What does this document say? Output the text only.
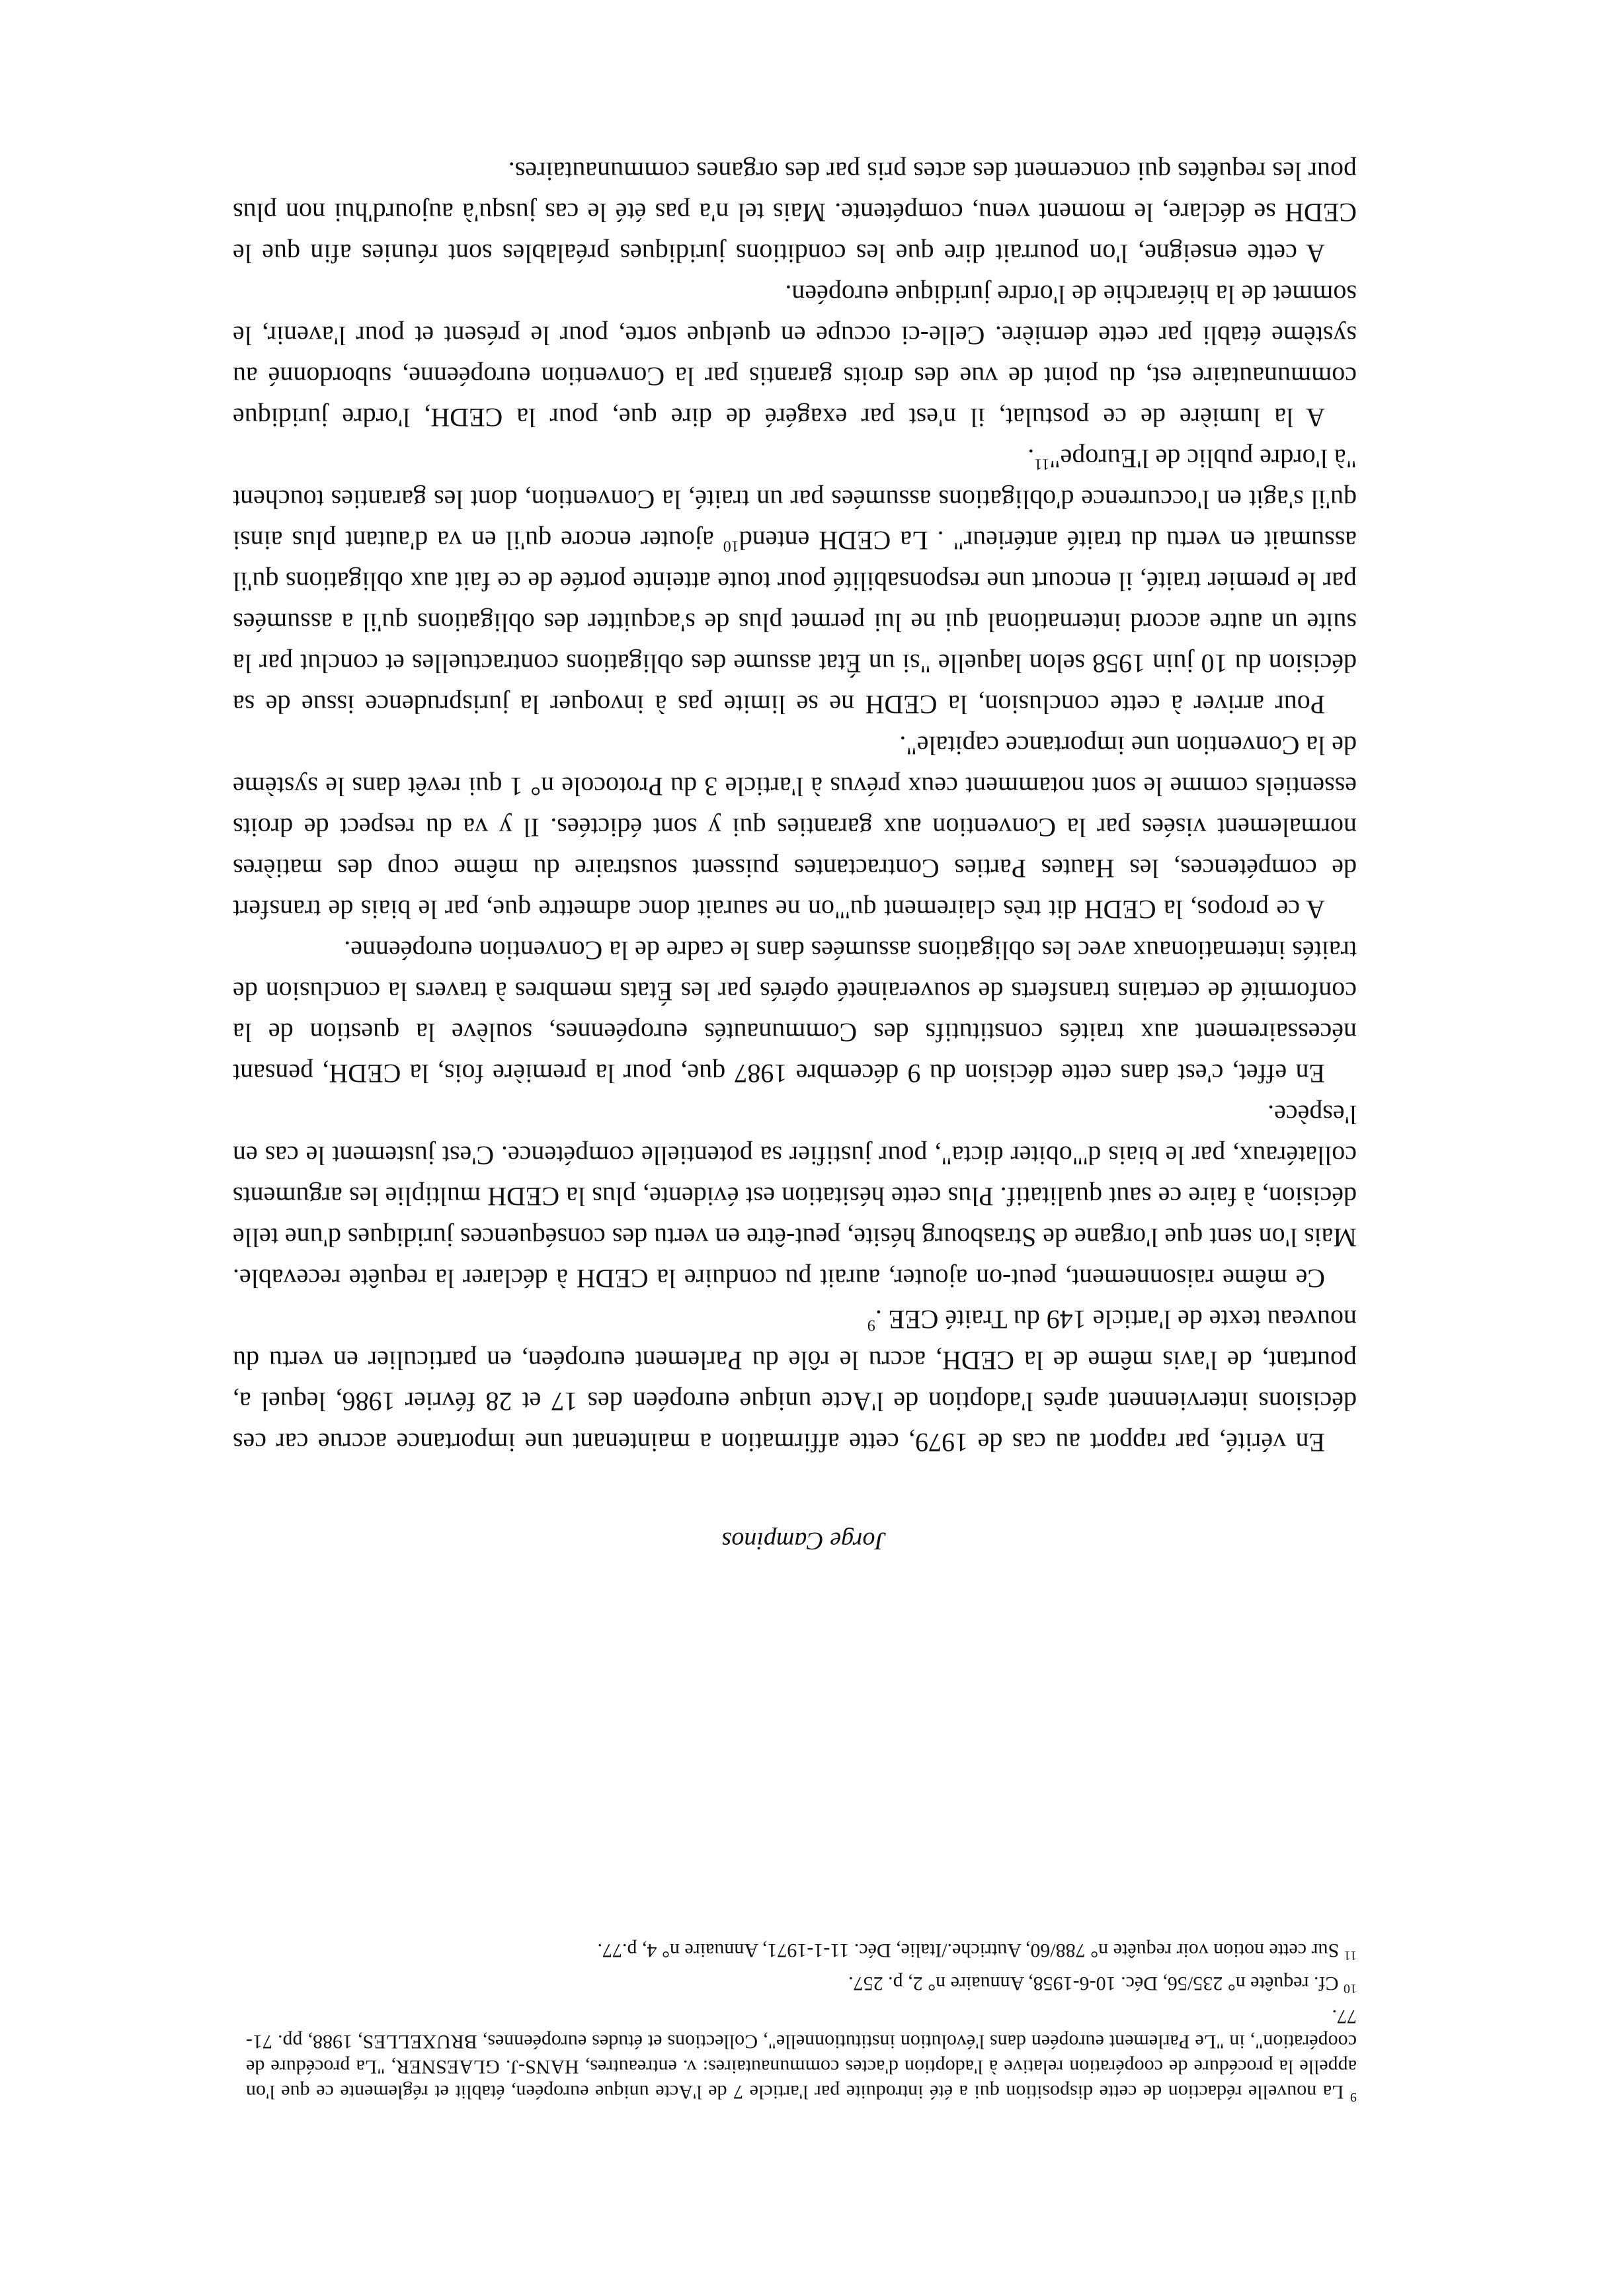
$^9$ La nouvelle rédaction de cette disposition qui a été introduite par l'article 7 de l'Acte unique européen, établit et réglemente ce que l'on appelle la procédure de coopération relative à l'adoption d'actes communautaires: v. entreautres, HANS-J. GLAESNER, "La procédure de coopération", in "Le Parlement européen dans l'évolution institutionnelle", Collections et études européennes, BRUXELLES, 1988, pp. 71-77.

$^{10}$ Cf. requête n° 235/56, Déc. 10-6-1958, Annuaire n° 2, p. 257.

$^{11}$ Sur cette notion voir requête n° 788/60, Autriche./Italie, Déc. 11-1-1971, Annuaire n° 4, p.77.

En vérité, par rapport au cas de 1979, cette affirmation a maintenant une importance accrue car ces décisions interviennent après l'adoption de l'Acte unique européen des 17 et 28 février 1986, lequel a, pourtant, de l'avis même de la CEDH, accru le rôle du Parlement européen, en particulier en vertu du nouveau texte de l'article 149 du Traité CEE .$^9$

Ce même raisonnement, peut-on ajouter, aurait pu conduire la CEDH à déclarer la requête recevable. Mais l'on sent que l'organe de Strasbourg hésite, peut-être en vertu des conséquences juridiques d'une telle décision, à faire ce saut qualitatif. Plus cette hésitation est évidente, plus la CEDH multiplie les arguments collatéraux, par le biais d'"obiter dicta", pour justifier sa potentielle compétence. C'est justement le cas en l'espèce.

En effet, c'est dans cette décision du 9 décembre 1987 que, pour la première fois, la CEDH, pensant nécessairement aux traités constitutifs des Communautés européennes, soulève la question de la conformité de certains transferts de souveraineté opérés par les États membres à travers la conclusion de traités internationaux avec les obligations assumées dans le cadre de la Convention européenne.

A ce propos, la CEDH dit très clairement qu'"on ne saurait donc admettre que, par le biais de transfert de compétences, les Hautes Parties Contractantes puissent soustraire du même coup des matières normalement visées par la Convention aux garanties qui y sont édictées. Il y va du respect de droits essentiels comme le sont notamment ceux prévus à l'article 3 du Protocole n° 1 qui revêt dans le système de la Convention une importance capitale".

Pour arriver à cette conclusion, la CEDH ne se limite pas à invoquer la jurisprudence issue de sa décision du 10 juin 1958 selon laquelle "si un État assume des obligations contractuelles et conclut par la suite un autre accord international qui ne lui permet plus de s'acquitter des obligations qu'il a assumées par le premier traité, il encourt une responsabilité pour toute atteinte portée de ce fait aux obligations qu'il assumait en vertu du traité antérieur" . La CEDH entend$^{10}$ ajouter encore qu'il en va d'autant plus ainsi qu'il s'agit en l'occurrence d'obligations assumées par un traité, la Convention, dont les garanties touchent "à l'ordre public de l'Europe"$^{11}$.

A la lumière de ce postulat, il n'est par exagéré de dire que, pour la CEDH, l'ordre juridique communautaire est, du point de vue des droits garantis par la Convention européenne, subordonné au système établi par cette dernière. Celle-ci occupe en quelque sorte, pour le présent et pour l'avenir, le sommet de la hiérarchie de l'ordre juridique européen.

A cette enseigne, l'on pourrait dire que les conditions juridiques préalables sont réunies afin que le CEDH se déclare, le moment venu, compétente. Mais tel n'a pas été le cas jusqu'à aujourd'hui non plus pour les requêtes qui concernent des actes pris par des organes communautaires.

Jorge Campinos
